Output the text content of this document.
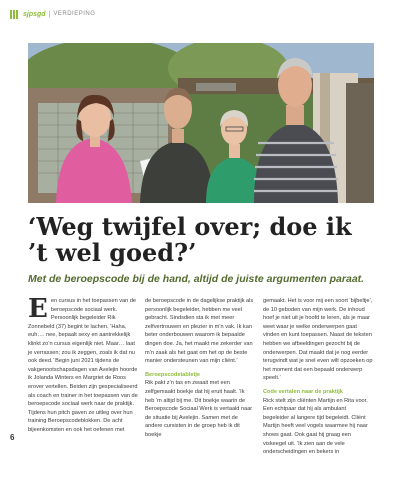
sjpsgd | VERDIEPING
‘Weg twijfel over; doe ik ’t wel goed?’

Met de beroepscode bij de hand, altijd de juiste argumenten paraat.

Een cursus in het toepassen van de beroepscode sociaal werk. Persoonlijk begeleider Rik Zonnebeld (37) begint te lachen. ‘Haha, euh…. nee, bepaalt sexy en aantrekkelijk klinkt zo’n cursus eigenlijk niet. Maar… laat je verrassen; zou ik zeggen, zoals ik dat nu ook deed.’ Begin juni 2021 tijdens de vakgenootschapsdagen van Avelejin hoorde ik Jolanda Winters en Margriet de Roos erover vertellen. Beiden zijn gespecialiseerd als coach en trainer in het toepassen van de beroepscode sociaal werk naar de praktijk. Tijdens hun pitch gaven ze uitleg over hun training Beroepscodeblokken. De acht bijeenkomsten en ook het oefenen met

de beroepscode in de dagelijkse praktijk als persoonlijk begeleider, hebben me veel gebracht. Sindsdien sta ik met meer zelfvertrouwen en plezier in m’n vak. Ik kan beter onderbouwen waarom ik bepaalde dingen doe. Ja, het maakt me zekerder van m’n zaak als het gaat om het op de beste manier ondersteunen van mijn cliënt.’

Beroepscodetabletje

Rik pakt z’n tas en zwaait met een zelfgemaakt boekje dat hij eruit haalt. ‘Ik heb ‘m altijd bij me. Dit boekje waarin de Beroepscode Sociaal Werk is vertaald naar de situatie bij Avelejin. Samen met de andere cursisten in de groep heb ik dit boekje

gemaakt. Het is voor mij een soort ‘bijbeltje’, de 10 geboden van mijn werk. De inhoud hoef je niet uit je hoofd te leren, als je maar weet waar je welke onderwerpen gaat vinden en kunt toepassen. Naast de teksten hebben we afbeeldingen gezocht bij de onderwerpen. Dat maakt dat je nog eerder terugvindt wat je snel even wilt opzoeken op het moment dat een bepaald onderwerp speelt.’

Code vertalen naar de praktijk

Rick stelt zijn cliënten Martijn en Rita voor. Een echtpaar dat hij als ambulant begeleider al langere tijd begeleidt. Cliënt Martijn heeft veel vogels waarmee hij naar shows gaat. Ook gaat hij graag een viskeegel uit. ‘Ik zien aan de vele onderscheidingen en bekers in

6
